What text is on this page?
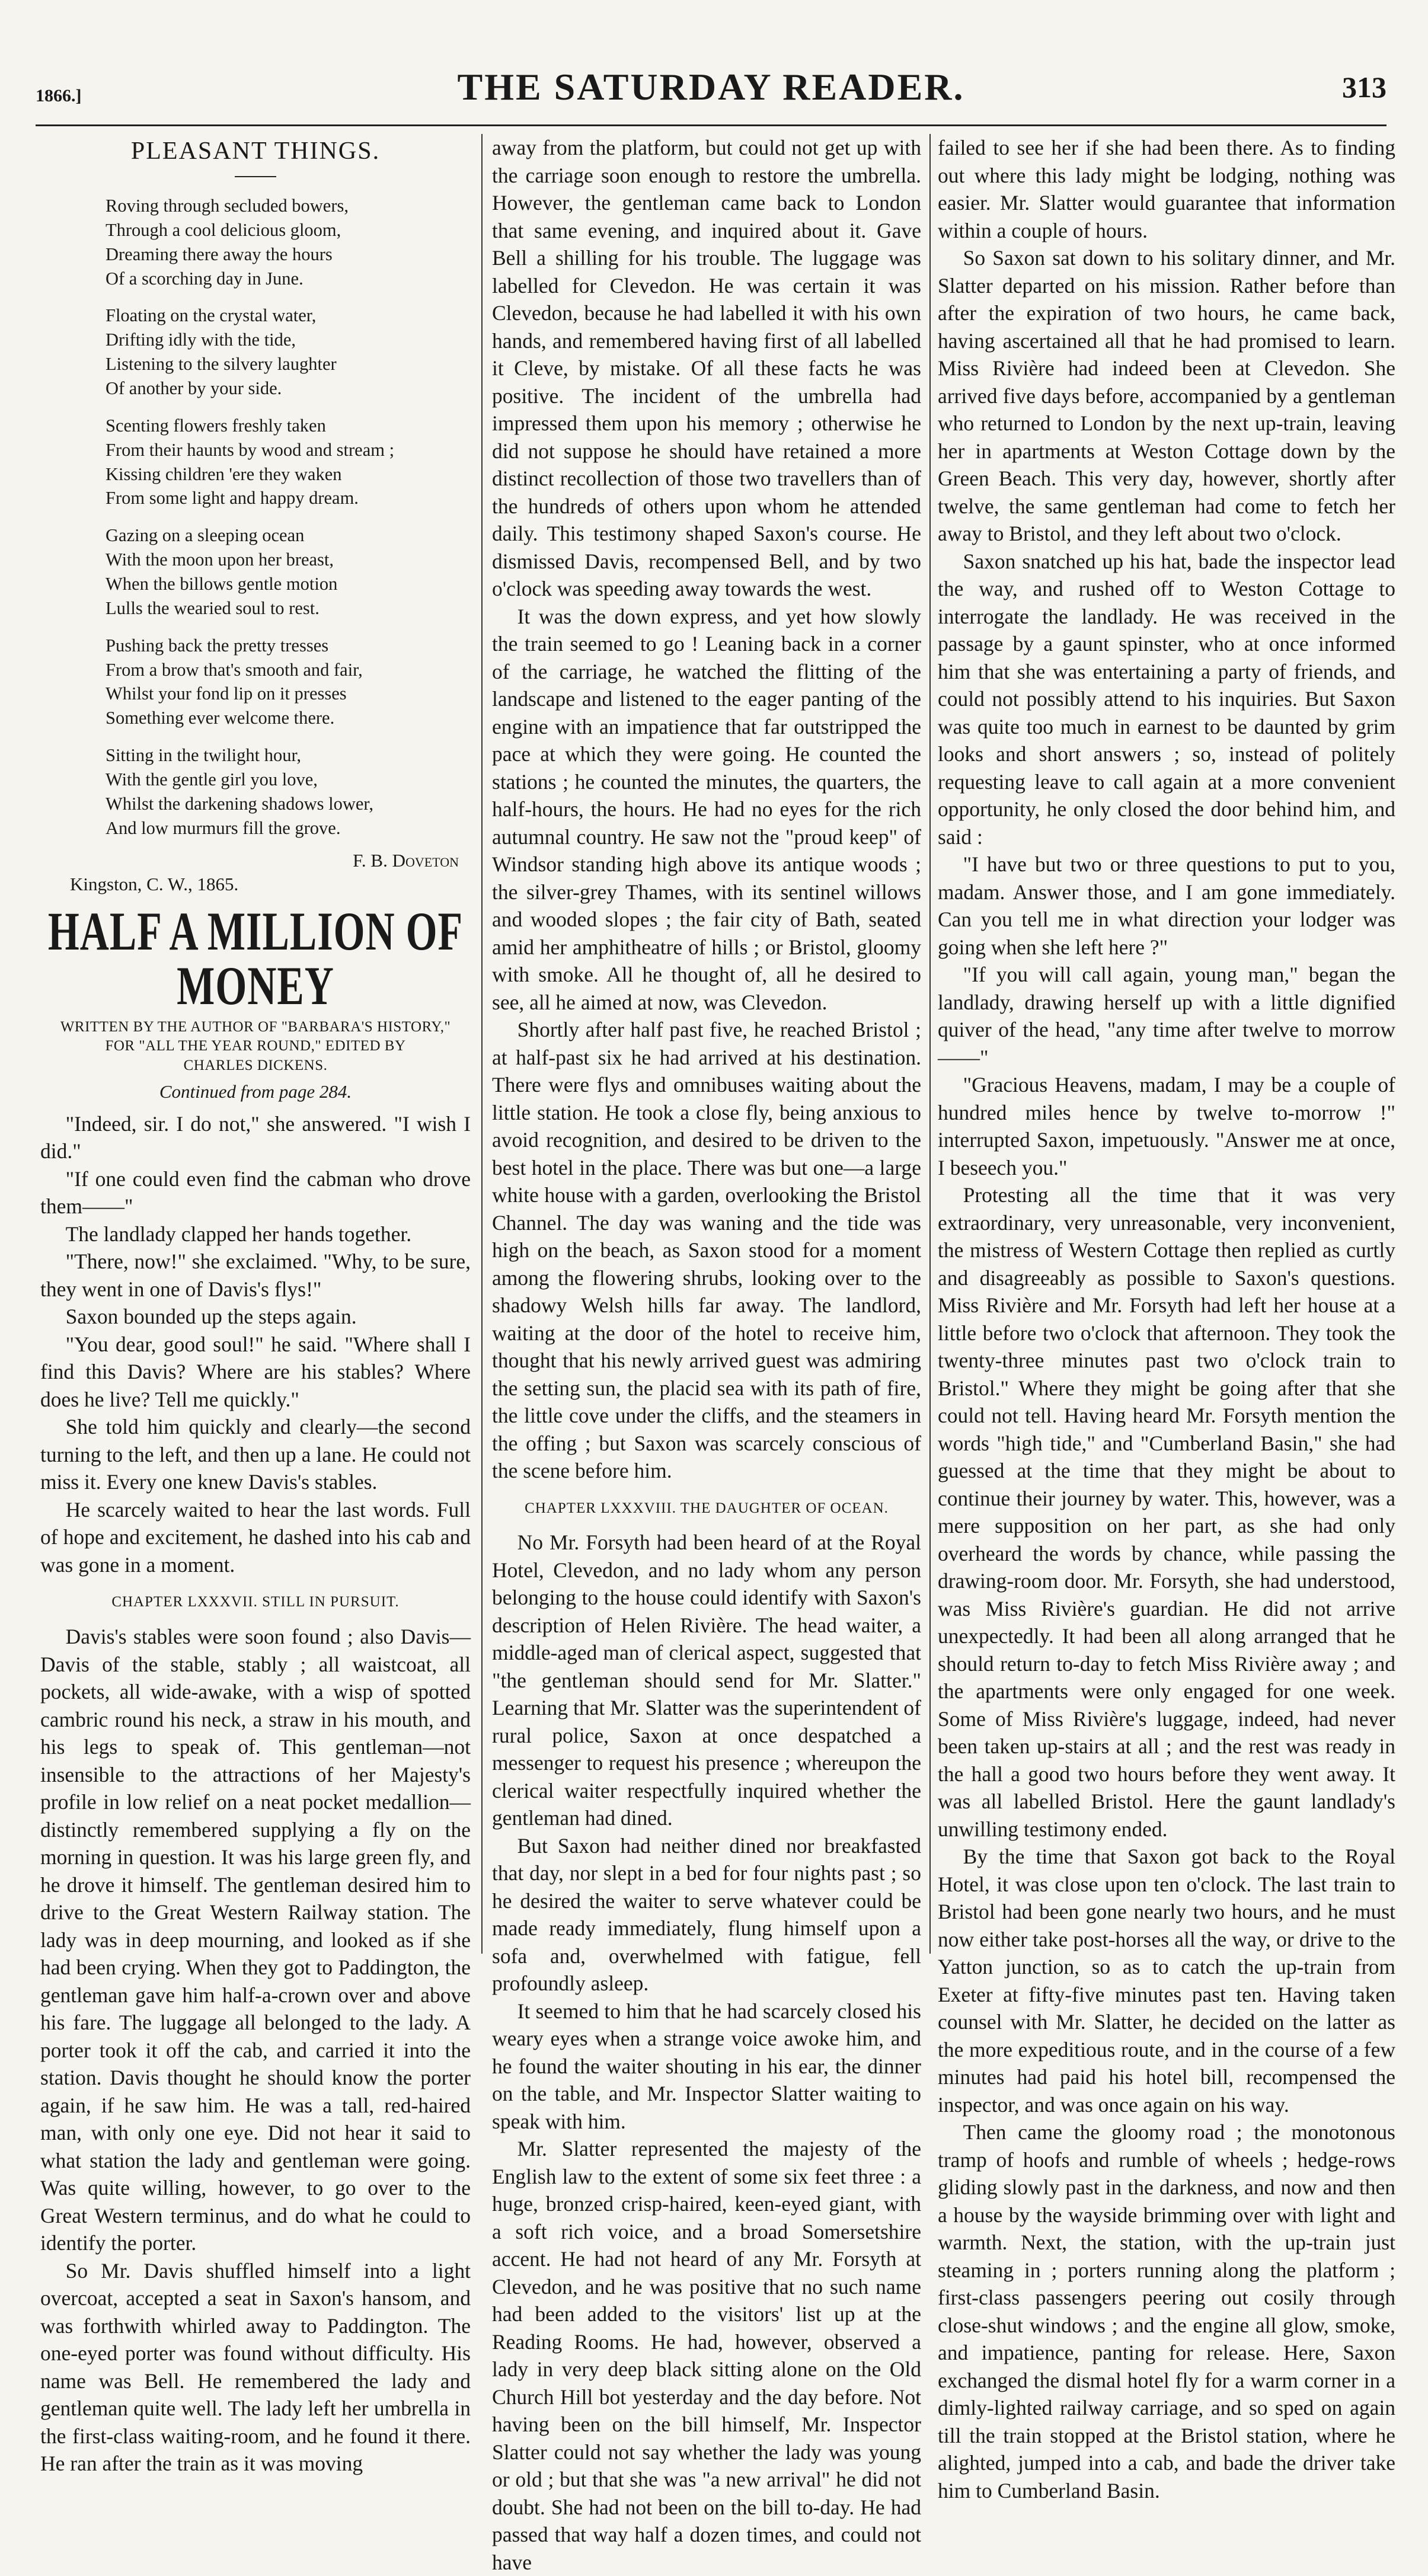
1866.]	THE SATURDAY READER.	313
PLEASANT THINGS.
Roving through secluded bowers,
Through a cool delicious gloom,
Dreaming there away the hours
Of a scorching day in June.
Floating on the crystal water,
Drifting idly with the tide,
Listening to the silvery laughter
Of another by your side.
Scenting flowers freshly taken
From their haunts by wood and stream ;
Kissing children 'ere they waken
From some light and happy dream.
Gazing on a sleeping ocean
With the moon upon her breast,
When the billows gentle motion
Lulls the wearied soul to rest.
Pushing back the pretty tresses
From a brow that's smooth and fair,
Whilst your fond lip on it presses
Something ever welcome there.
Sitting in the twilight hour,
With the gentle girl you love,
Whilst the darkening shadows lower,
And low murmurs fill the grove.
F. B. Doveton
Kingston, C. W., 1865.
HALF A MILLION OF MONEY
WRITTEN BY THE AUTHOR OF "BARBARA'S HISTORY,"
FOR "ALL THE YEAR ROUND," EDITED BY
CHARLES DICKENS.
Continued from page 284.

"Indeed, sir. I do not," she answered. "I wish I did."

"If one could even find the cabman who drove them——"

The landlady clapped her hands together.

"There, now!" she exclaimed. "Why, to be sure, they went in one of Davis's flys!"

Saxon bounded up the steps again.

"You dear, good soul!" he said. "Where shall I find this Davis? Where are his stables? Where does he live? Tell me quickly."

She told him quickly and clearly—the second turning to the left, and then up a lane. He could not miss it. Every one knew Davis's stables.

He scarcely waited to hear the last words. Full of hope and excitement, he dashed into his cab and was gone in a moment.

CHAPTER LXXXVII. STILL IN PURSUIT.

Davis's stables were soon found ; also Davis—Davis of the stable, stably ; all waistcoat, all pockets, all wide-awake, with a wisp of spotted cambric round his neck, a straw in his mouth, and his legs to speak of. This gentleman—not insensible to the attractions of her Majesty's profile in low relief on a neat pocket medallion—distinctly remembered supplying a fly on the morning in question. It was his large green fly, and he drove it himself. The gentleman desired him to drive to the Great Western Railway station. The lady was in deep mourning, and looked as if she had been crying. When they got to Paddington, the gentleman gave him half-a-crown over and above his fare. The luggage all belonged to the lady. A porter took it off the cab, and carried it into the station. Davis thought he should know the porter again, if he saw him. He was a tall, red-haired man, with only one eye. Did not hear it said to what station the lady and gentleman were going. Was quite willing, however, to go over to the Great Western terminus, and do what he could to identify the porter.

So Mr. Davis shuffled himself into a light overcoat, accepted a seat in Saxon's hansom, and was forthwith whirled away to Paddington. The one-eyed porter was found without difficulty. His name was Bell. He remembered the lady and gentleman quite well. The lady left her umbrella in the first-class waiting-room, and he found it there. He ran after the train as it was moving

away from the platform, but could not get up with the carriage soon enough to restore the umbrella. However, the gentleman came back to London that same evening, and inquired about it. Gave Bell a shilling for his trouble. The luggage was labelled for Clevedon. He was certain it was Clevedon, because he had labelled it with his own hands, and remembered having first of all labelled it Cleve, by mistake. Of all these facts he was positive. The incident of the umbrella had impressed them upon his memory ; otherwise he did not suppose he should have retained a more distinct recollection of those two travellers than of the hundreds of others upon whom he attended daily. This testimony shaped Saxon's course. He dismissed Davis, recompensed Bell, and by two o'clock was speeding away towards the west.

It was the down express, and yet how slowly the train seemed to go ! Leaning back in a corner of the carriage, he watched the flitting of the landscape and listened to the eager panting of the engine with an impatience that far outstripped the pace at which they were going. He counted the stations ; he counted the minutes, the quarters, the half-hours, the hours. He had no eyes for the rich autumnal country. He saw not the "proud keep" of Windsor standing high above its antique woods ; the silver-grey Thames, with its sentinel willows and wooded slopes ; the fair city of Bath, seated amid her amphitheatre of hills ; or Bristol, gloomy with smoke. All he thought of, all he desired to see, all he aimed at now, was Clevedon.

Shortly after half past five, he reached Bristol ; at half-past six he had arrived at his destination. There were flys and omnibuses waiting about the little station. He took a close fly, being anxious to avoid recognition, and desired to be driven to the best hotel in the place. There was but one—a large white house with a garden, overlooking the Bristol Channel. The day was waning and the tide was high on the beach, as Saxon stood for a moment among the flowering shrubs, looking over to the shadowy Welsh hills far away. The landlord, waiting at the door of the hotel to receive him, thought that his newly arrived guest was admiring the setting sun, the placid sea with its path of fire, the little cove under the cliffs, and the steamers in the offing ; but Saxon was scarcely conscious of the scene before him.

CHAPTER LXXXVIII. THE DAUGHTER OF OCEAN.

No Mr. Forsyth had been heard of at the Royal Hotel, Clevedon, and no lady whom any person belonging to the house could identify with Saxon's description of Helen Rivière. The head waiter, a middle-aged man of clerical aspect, suggested that "the gentleman should send for Mr. Slatter." Learning that Mr. Slatter was the superintendent of rural police, Saxon at once despatched a messenger to request his presence ; whereupon the clerical waiter respectfully inquired whether the gentleman had dined.

But Saxon had neither dined nor breakfasted that day, nor slept in a bed for four nights past ; so he desired the waiter to serve whatever could be made ready immediately, flung himself upon a sofa and, overwhelmed with fatigue, fell profoundly asleep.

It seemed to him that he had scarcely closed his weary eyes when a strange voice awoke him, and he found the waiter shouting in his ear, the dinner on the table, and Mr. Inspector Slatter waiting to speak with him.

Mr. Slatter represented the majesty of the English law to the extent of some six feet three : a huge, bronzed crisp-haired, keen-eyed giant, with a soft rich voice, and a broad Somersetshire accent. He had not heard of any Mr. Forsyth at Clevedon, and he was positive that no such name had been added to the visitors' list up at the Reading Rooms. He had, however, observed a lady in very deep black sitting alone on the Old Church Hill bot yesterday and the day before. Not having been on the bill himself, Mr. Inspector Slatter could not say whether the lady was young or old ; but that she was "a new arrival" he did not doubt. She had not been on the bill to-day. He had passed that way half a dozen times, and could not have

failed to see her if she had been there. As to finding out where this lady might be lodging, nothing was easier. Mr. Slatter would guarantee that information within a couple of hours.

So Saxon sat down to his solitary dinner, and Mr. Slatter departed on his mission. Rather before than after the expiration of two hours, he came back, having ascertained all that he had promised to learn. Miss Rivière had indeed been at Clevedon. She arrived five days before, accompanied by a gentleman who returned to London by the next up-train, leaving her in apartments at Weston Cottage down by the Green Beach. This very day, however, shortly after twelve, the same gentleman had come to fetch her away to Bristol, and they left about two o'clock.

Saxon snatched up his hat, bade the inspector lead the way, and rushed off to Weston Cottage to interrogate the landlady. He was received in the passage by a gaunt spinster, who at once informed him that she was entertaining a party of friends, and could not possibly attend to his inquiries. But Saxon was quite too much in earnest to be daunted by grim looks and short answers ; so, instead of politely requesting leave to call again at a more convenient opportunity, he only closed the door behind him, and said :

"I have but two or three questions to put to you, madam. Answer those, and I am gone immediately. Can you tell me in what direction your lodger was going when she left here ?"

"If you will call again, young man," began the landlady, drawing herself up with a little dignified quiver of the head, "any time after twelve to morrow——"

"Gracious Heavens, madam, I may be a couple of hundred miles hence by twelve to-morrow !" interrupted Saxon, impetuously. "Answer me at once, I beseech you."

Protesting all the time that it was very extraordinary, very unreasonable, very inconvenient, the mistress of Western Cottage then replied as curtly and disagreeably as possible to Saxon's questions. Miss Rivière and Mr. Forsyth had left her house at a little before two o'clock that afternoon. They took the twenty-three minutes past two o'clock train to Bristol." Where they might be going after that she could not tell. Having heard Mr. Forsyth mention the words "high tide," and "Cumberland Basin," she had guessed at the time that they might be about to continue their journey by water. This, however, was a mere supposition on her part, as she had only overheard the words by chance, while passing the drawing-room door. Mr. Forsyth, she had understood, was Miss Rivière's guardian. He did not arrive unexpectedly. It had been all along arranged that he should return to-day to fetch Miss Rivière away ; and the apartments were only engaged for one week. Some of Miss Rivière's luggage, indeed, had never been taken up-stairs at all ; and the rest was ready in the hall a good two hours before they went away. It was all labelled Bristol. Here the gaunt landlady's unwilling testimony ended.

By the time that Saxon got back to the Royal Hotel, it was close upon ten o'clock. The last train to Bristol had been gone nearly two hours, and he must now either take post-horses all the way, or drive to the Yatton junction, so as to catch the up-train from Exeter at fifty-five minutes past ten. Having taken counsel with Mr. Slatter, he decided on the latter as the more expeditious route, and in the course of a few minutes had paid his hotel bill, recompensed the inspector, and was once again on his way.

Then came the gloomy road ; the monotonous tramp of hoofs and rumble of wheels ; hedge-rows gliding slowly past in the darkness, and now and then a house by the wayside brimming over with light and warmth. Next, the station, with the up-train just steaming in ; porters running along the platform ; first-class passengers peering out cosily through close-shut windows ; and the engine all glow, smoke, and impatience, panting for release. Here, Saxon exchanged the dismal hotel fly for a warm corner in a dimly-lighted railway carriage, and so sped on again till the train stopped at the Bristol station, where he alighted, jumped into a cab, and bade the driver take him to Cumberland Basin.
